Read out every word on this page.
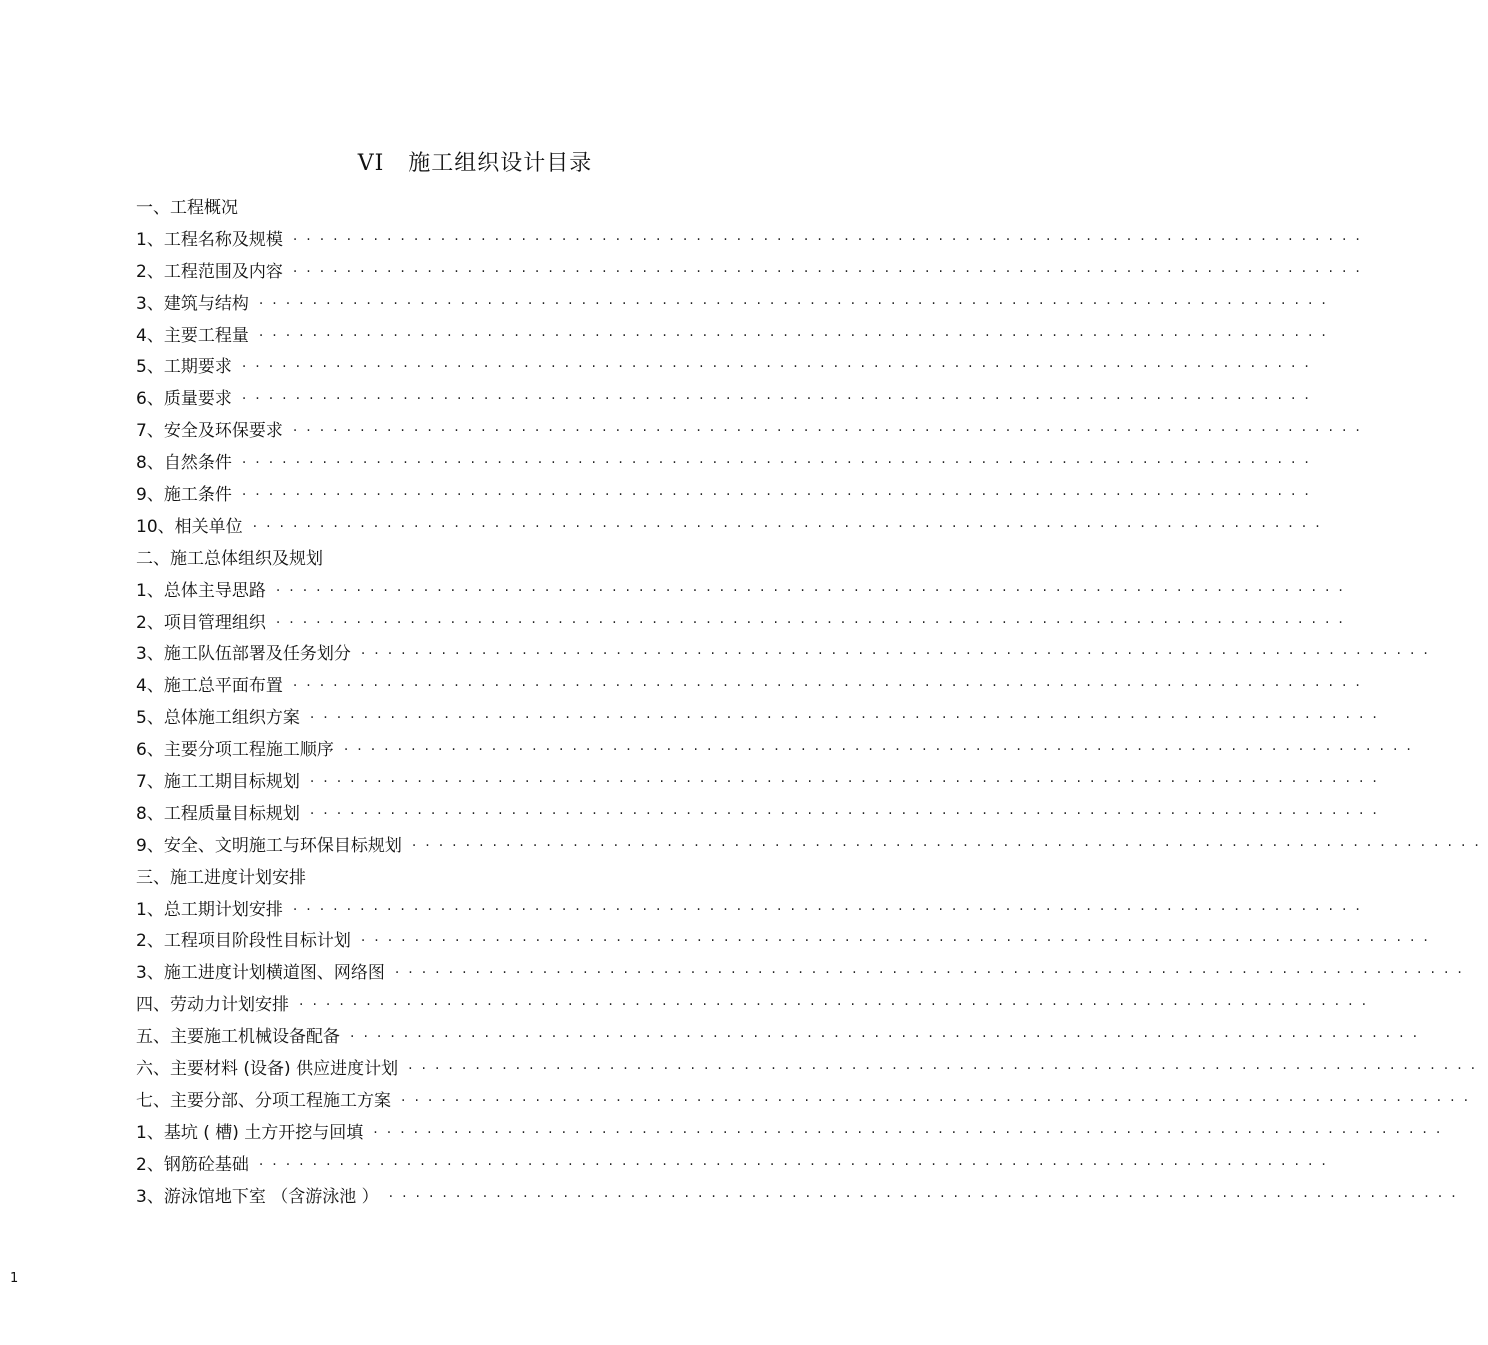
VI 施工组织设计目录
一、工程概况
1、工程名称及规模 ················································································
2、工程范围及内容 ················································································
3、建筑与结构 ················································································
4、主要工程量 ················································································
5、工期要求 ················································································
6、质量要求 ················································································
7、安全及环保要求 ················································································
8、自然条件 ················································································
9、施工条件 ················································································
10、相关单位 ················································································
二、施工总体组织及规划
1、总体主导思路 ················································································
2、项目管理组织 ················································································
3、施工队伍部署及任务划分 ················································································
4、施工总平面布置 ················································································
5、总体施工组织方案 ················································································
6、主要分项工程施工顺序 ················································································
7、施工工期目标规划 ················································································
8、工程质量目标规划 ················································································
9、安全、文明施工与环保目标规划 ················································································
三、施工进度计划安排
1、总工期计划安排 ················································································
2、工程项目阶段性目标计划 ················································································
3、施工进度计划横道图、网络图 ················································································
四、劳动力计划安排 ················································································
五、主要施工机械设备配备 ················································································
六、主要材料 (设备) 供应进度计划 ················································································
七、主要分部、分项工程施工方案 ················································································
1、基坑 ( 槽) 土方开挖与回填 ················································································
2、钢筋砼基础 ················································································
3、游泳馆地下室 （含游泳池 ） ················································································
1
